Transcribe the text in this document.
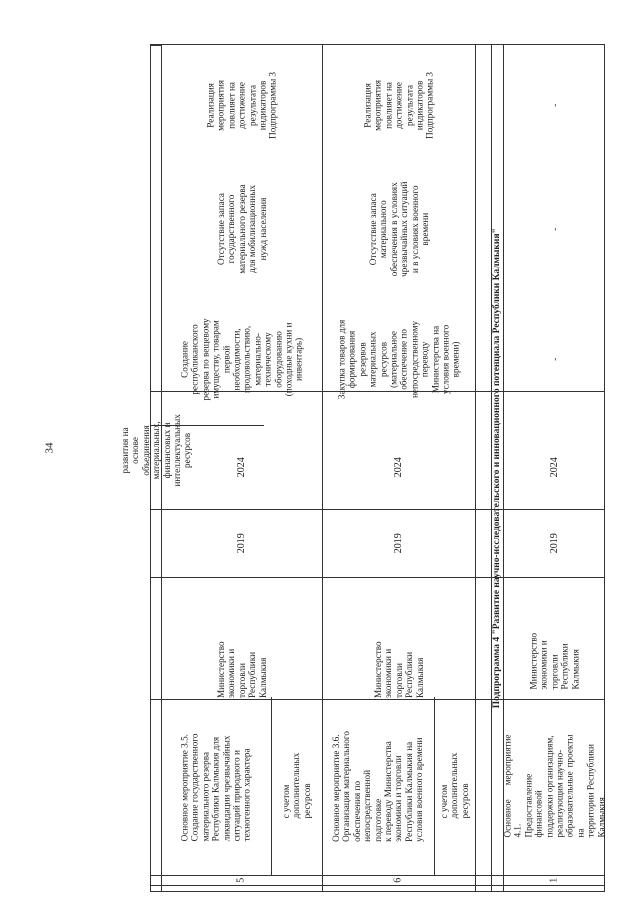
34	развития на основе
объединения
материальных,
финансовых и
интеллектуальных
ресурсов
5
Основное мероприятие 3.5.
Создание государственного
материального резерва
Республики Калмыкия для
ликвидации чрезвычайных
ситуаций природного и
техногенного характера
с учетом дополнительных
ресурсов
Министерство
экономики и
торговли
Республики
Калмыкия
2019
2024
Создание
республиканского
резерва по вещевому
имуществу, товарам
первой
необходимости,
продовольствию,
материально-
техническому
оборудованию
(походные кухни и
инвентарь)
Отсутствие запаса
государственного
материального резерва
для мобилизационных
нужд населения
Реализация
мероприятия
повлияет на
достижение
результата
индикаторов
Подпрограммы 3
6
Основное мероприятие 3.6.
Организация материального
обеспечения по
непосредственной подготовке
к переводу Министерства
экономики и торговли
Республики Калмыкия на
условия военного времени
с учетом дополнительных
ресурсов
Министерство
экономики и
торговли
Республики
Калмыкия
2019
2024
Закупка товаров для
формирования
резервов
материальных
ресурсов
(материальное
обеспечение по
непосредственному
переводу
Министерства на
условия военного
времени)
Отсутствие запаса
материального
обеспечения в условиях
чрезвычайных ситуаций
и в условиях военного
времени
Реализация
мероприятия
повлияет на
достижение
результата
индикаторов
Подпрограммы 3
Подпрограмма 4 "Развитие научно-исследовательского и инновационного потенциала Республики Калмыкия"
1
Основное мероприятие 4.1.
Предоставление финансовой
поддержки организациям,
реализующим научно-
образовательные проекты на
территории Республики
Калмыкия
Министерство
экономики и
торговли
Республики
Калмыкия
2019
2024
-
-
-
